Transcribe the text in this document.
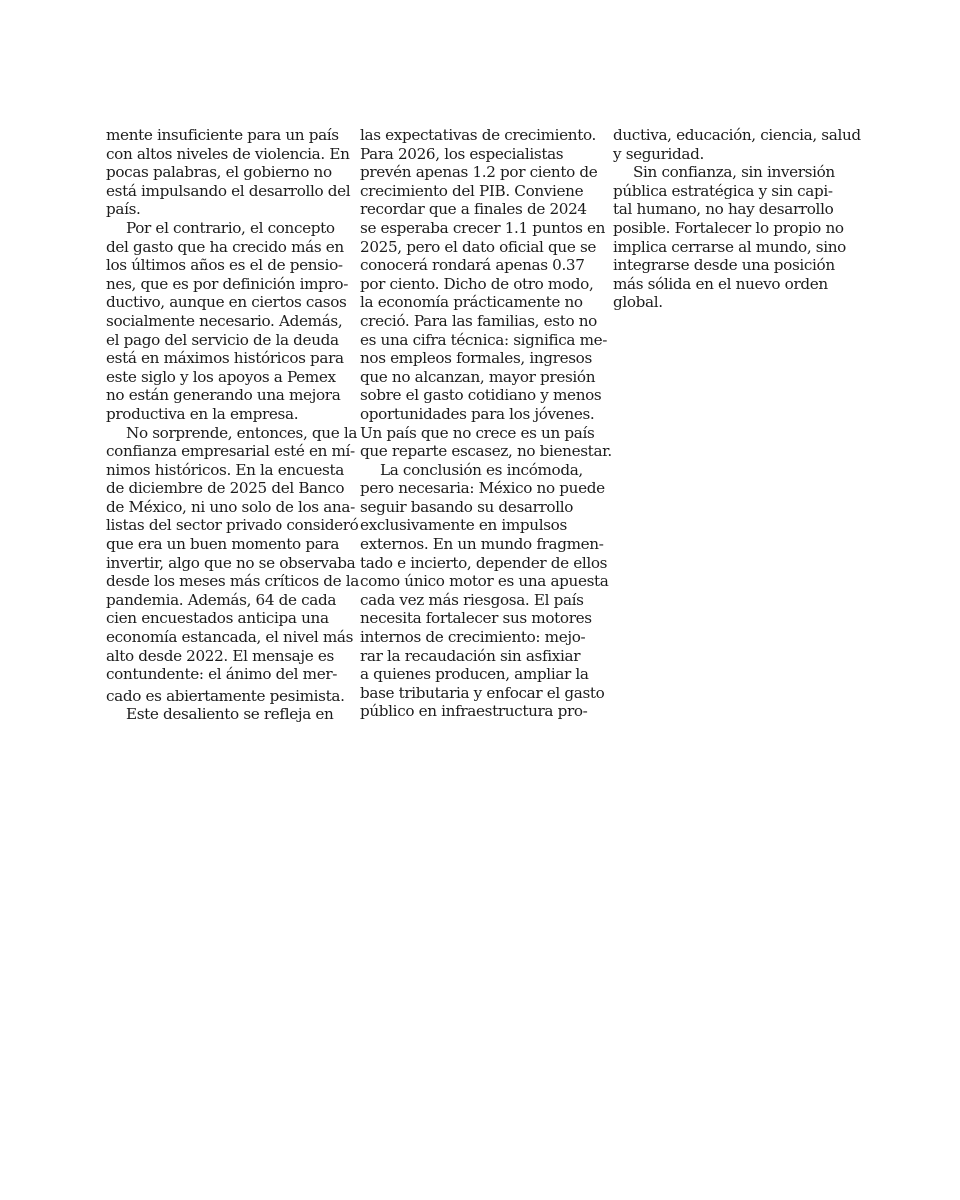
mente insuficiente para un país
con altos niveles de violencia. En
pocas palabras, el gobierno no
está impulsando el desarrollo del
país.
Por el contrario, el concepto
del gasto que ha crecido más en
los últimos años es el de pensio-
nes, que es por definición impro-
ductivo, aunque en ciertos casos
socialmente necesario. Además,
el pago del servicio de la deuda
está en máximos históricos para
este siglo y los apoyos a Pemex
no están generando una mejora
productiva en la empresa.
No sorprende, entonces, que la
confianza empresarial esté en mí-
nimos históricos. En la encuesta
de diciembre de 2025 del Banco
de México, ni uno solo de los ana-
listas del sector privado consideró
que era un buen momento para
invertir, algo que no se observaba
desde los meses más críticos de la
pandemia. Además, 64 de cada
cien encuestados anticipa una
economía estancada, el nivel más
alto desde 2022. El mensaje es
contundente: el ánimo del mer-
cado es abiertamente pesimista.
Este desaliento se refleja en
las expectativas de crecimiento.
Para 2026, los especialistas
prevén apenas 1.2 por ciento de
crecimiento del PIB. Conviene
recordar que a finales de 2024
se esperaba crecer 1.1 puntos en
2025, pero el dato oficial que se
conocerá rondará apenas 0.37
por ciento. Dicho de otro modo,
la economía prácticamente no
creció. Para las familias, esto no
es una cifra técnica: significa me-
nos empleos formales, ingresos
que no alcanzan, mayor presión
sobre el gasto cotidiano y menos
oportunidades para los jóvenes.
Un país que no crece es un país
que reparte escasez, no bienestar.
La conclusión es incómoda,
pero necesaria: México no puede
seguir basando su desarrollo
exclusivamente en impulsos
externos. En un mundo fragmen-
tado e incierto, depender de ellos
como único motor es una apuesta
cada vez más riesgosa. El país
necesita fortalecer sus motores
internos de crecimiento: mejo-
rar la recaudación sin asfixiar
a quienes producen, ampliar la
base tributaria y enfocar el gasto
público en infraestructura pro-
ductiva, educación, ciencia, salud
y seguridad.
Sin confianza, sin inversión
pública estratégica y sin capi-
tal humano, no hay desarrollo
posible. Fortalecer lo propio no
implica cerrarse al mundo, sino
integrarse desde una posición
más sólida en el nuevo orden
global.
